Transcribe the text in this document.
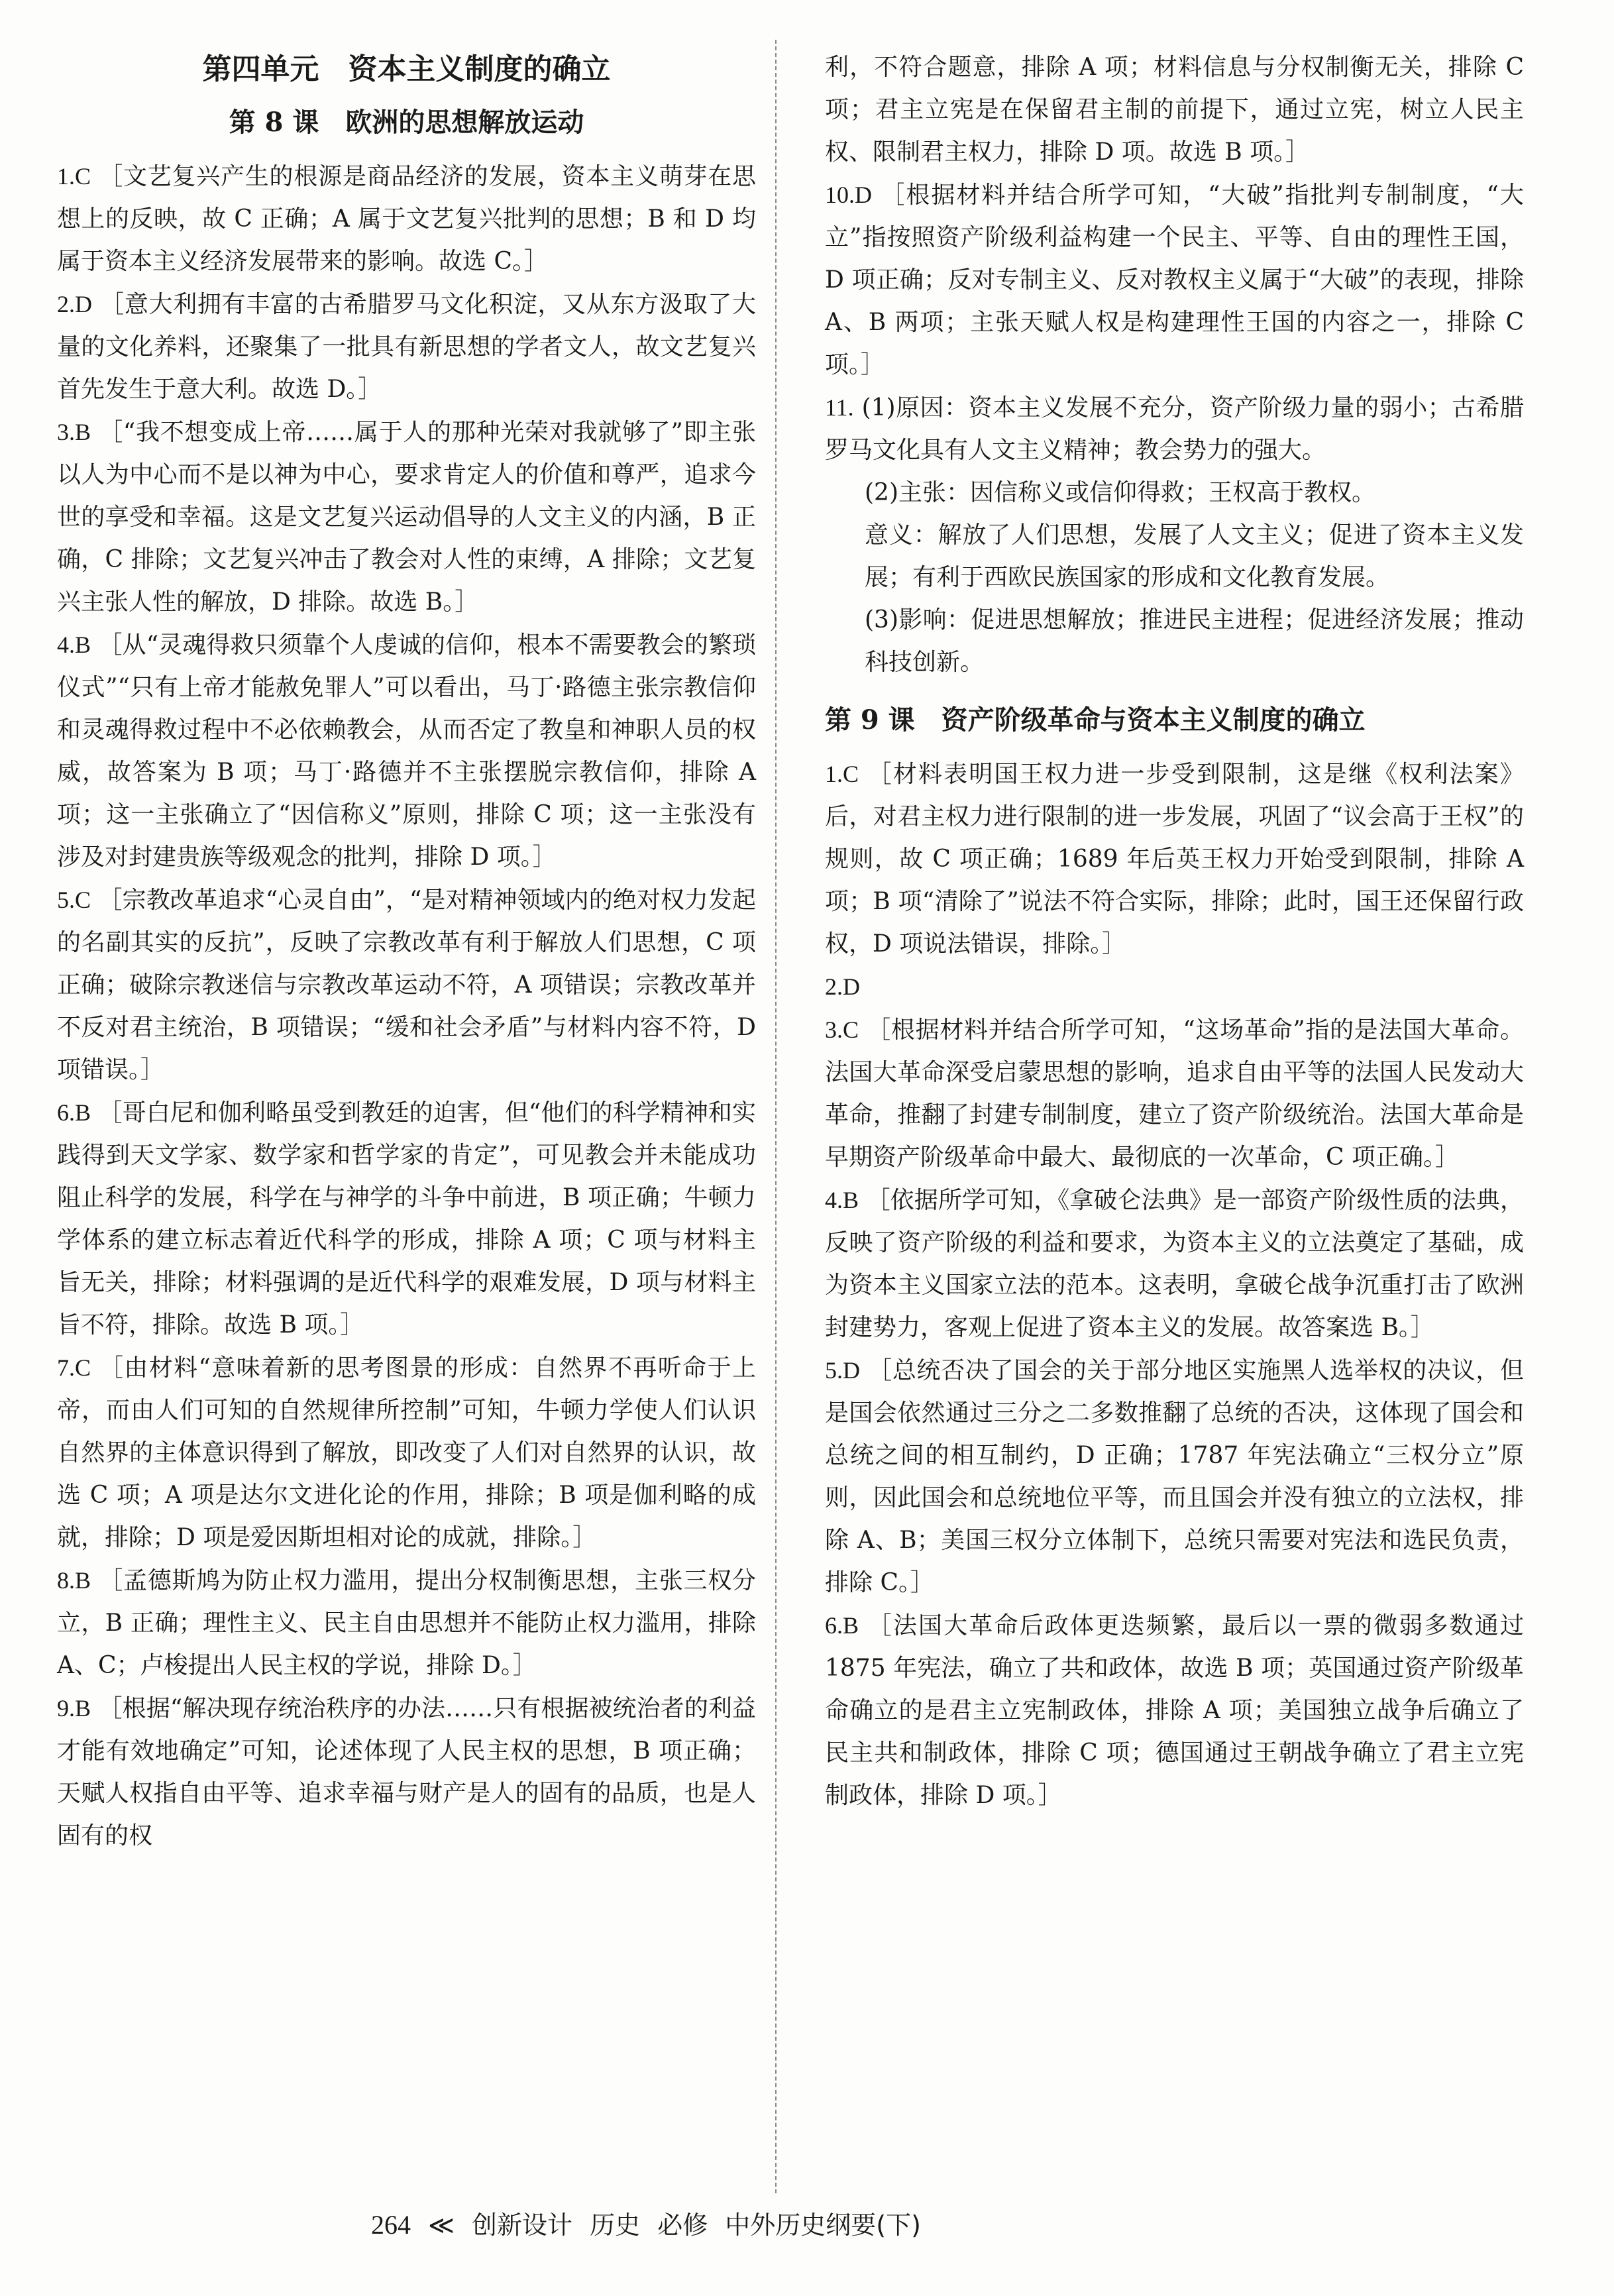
第四单元　资本主义制度的确立
第 8 课　欧洲的思想解放运动

1.C ［文艺复兴产生的根源是商品经济的发展，资本主义萌芽在思想上的反映，故 C 正确；A 属于文艺复兴批判的思想；B 和 D 均属于资本主义经济发展带来的影响。故选 C。］

2.D ［意大利拥有丰富的古希腊罗马文化积淀，又从东方汲取了大量的文化养料，还聚集了一批具有新思想的学者文人，故文艺复兴首先发生于意大利。故选 D。］

3.B ［“我不想变成上帝……属于人的那种光荣对我就够了”即主张以人为中心而不是以神为中心，要求肯定人的价值和尊严，追求今世的享受和幸福。这是文艺复兴运动倡导的人文主义的内涵，B 正确，C 排除；文艺复兴冲击了教会对人性的束缚，A 排除；文艺复兴主张人性的解放，D 排除。故选 B。］

4.B ［从“灵魂得救只须靠个人虔诚的信仰，根本不需要教会的繁琐仪式”“只有上帝才能赦免罪人”可以看出，马丁·路德主张宗教信仰和灵魂得救过程中不必依赖教会，从而否定了教皇和神职人员的权威，故答案为 B 项；马丁·路德并不主张摆脱宗教信仰，排除 A 项；这一主张确立了“因信称义”原则，排除 C 项；这一主张没有涉及对封建贵族等级观念的批判，排除 D 项。］

5.C ［宗教改革追求“心灵自由”，“是对精神领域内的绝对权力发起的名副其实的反抗”，反映了宗教改革有利于解放人们思想，C 项正确；破除宗教迷信与宗教改革运动不符，A 项错误；宗教改革并不反对君主统治，B 项错误；“缓和社会矛盾”与材料内容不符，D 项错误。］

6.B ［哥白尼和伽利略虽受到教廷的迫害，但“他们的科学精神和实践得到天文学家、数学家和哲学家的肯定”，可见教会并未能成功阻止科学的发展，科学在与神学的斗争中前进，B 项正确；牛顿力学体系的建立标志着近代科学的形成，排除 A 项；C 项与材料主旨无关，排除；材料强调的是近代科学的艰难发展，D 项与材料主旨不符，排除。故选 B 项。］

7.C ［由材料“意味着新的思考图景的形成：自然界不再听命于上帝，而由人们可知的自然规律所控制”可知，牛顿力学使人们认识自然界的主体意识得到了解放，即改变了人们对自然界的认识，故选 C 项；A 项是达尔文进化论的作用，排除；B 项是伽利略的成就，排除；D 项是爱因斯坦相对论的成就，排除。］

8.B ［孟德斯鸠为防止权力滥用，提出分权制衡思想，主张三权分立，B 正确；理性主义、民主自由思想并不能防止权力滥用，排除 A、C；卢梭提出人民主权的学说，排除 D。］

9.B ［根据“解决现存统治秩序的办法……只有根据被统治者的利益才能有效地确定”可知，论述体现了人民主权的思想，B 项正确；天赋人权指自由平等、追求幸福与财产是人的固有的品质，也是人固有的权

利，不符合题意，排除 A 项；材料信息与分权制衡无关，排除 C 项；君主立宪是在保留君主制的前提下，通过立宪，树立人民主权、限制君主权力，排除 D 项。故选 B 项。］

10.D ［根据材料并结合所学可知，“大破”指批判专制制度，“大立”指按照资产阶级利益构建一个民主、平等、自由的理性王国，D 项正确；反对专制主义、反对教权主义属于“大破”的表现，排除 A、B 两项；主张天赋人权是构建理性王国的内容之一，排除 C 项。］

11. (1)原因：资本主义发展不充分，资产阶级力量的弱小；古希腊罗马文化具有人文主义精神；教会势力的强大。

(2)主张：因信称义或信仰得救；王权高于教权。

意义：解放了人们思想，发展了人文主义；促进了资本主义发展；有利于西欧民族国家的形成和文化教育发展。

(3)影响：促进思想解放；推进民主进程；促进经济发展；推动科技创新。

第 9 课　资产阶级革命与资本主义制度的确立

1.C ［材料表明国王权力进一步受到限制，这是继《权利法案》后，对君主权力进行限制的进一步发展，巩固了“议会高于王权”的规则，故 C 项正确；1689 年后英王权力开始受到限制，排除 A 项；B 项“清除了”说法不符合实际，排除；此时，国王还保留行政权，D 项说法错误，排除。］

2.D

3.C ［根据材料并结合所学可知，“这场革命”指的是法国大革命。法国大革命深受启蒙思想的影响，追求自由平等的法国人民发动大革命，推翻了封建专制制度，建立了资产阶级统治。法国大革命是早期资产阶级革命中最大、最彻底的一次革命，C 项正确。］

4.B ［依据所学可知，《拿破仑法典》是一部资产阶级性质的法典，反映了资产阶级的利益和要求，为资本主义的立法奠定了基础，成为资本主义国家立法的范本。这表明，拿破仑战争沉重打击了欧洲封建势力，客观上促进了资本主义的发展。故答案选 B。］

5.D ［总统否决了国会的关于部分地区实施黑人选举权的决议，但是国会依然通过三分之二多数推翻了总统的否决，这体现了国会和总统之间的相互制约，D 正确；1787 年宪法确立“三权分立”原则，因此国会和总统地位平等，而且国会并没有独立的立法权，排除 A、B；美国三权分立体制下，总统只需要对宪法和选民负责，排除 C。］

6.B ［法国大革命后政体更迭频繁，最后以一票的微弱多数通过 1875 年宪法，确立了共和政体，故选 B 项；英国通过资产阶级革命确立的是君主立宪制政体，排除 A 项；美国独立战争后确立了民主共和制政体，排除 C 项；德国通过王朝战争确立了君主立宪制政体，排除 D 项。］

264 ≪ 创新设计 历史 必修 中外历史纲要(下)
